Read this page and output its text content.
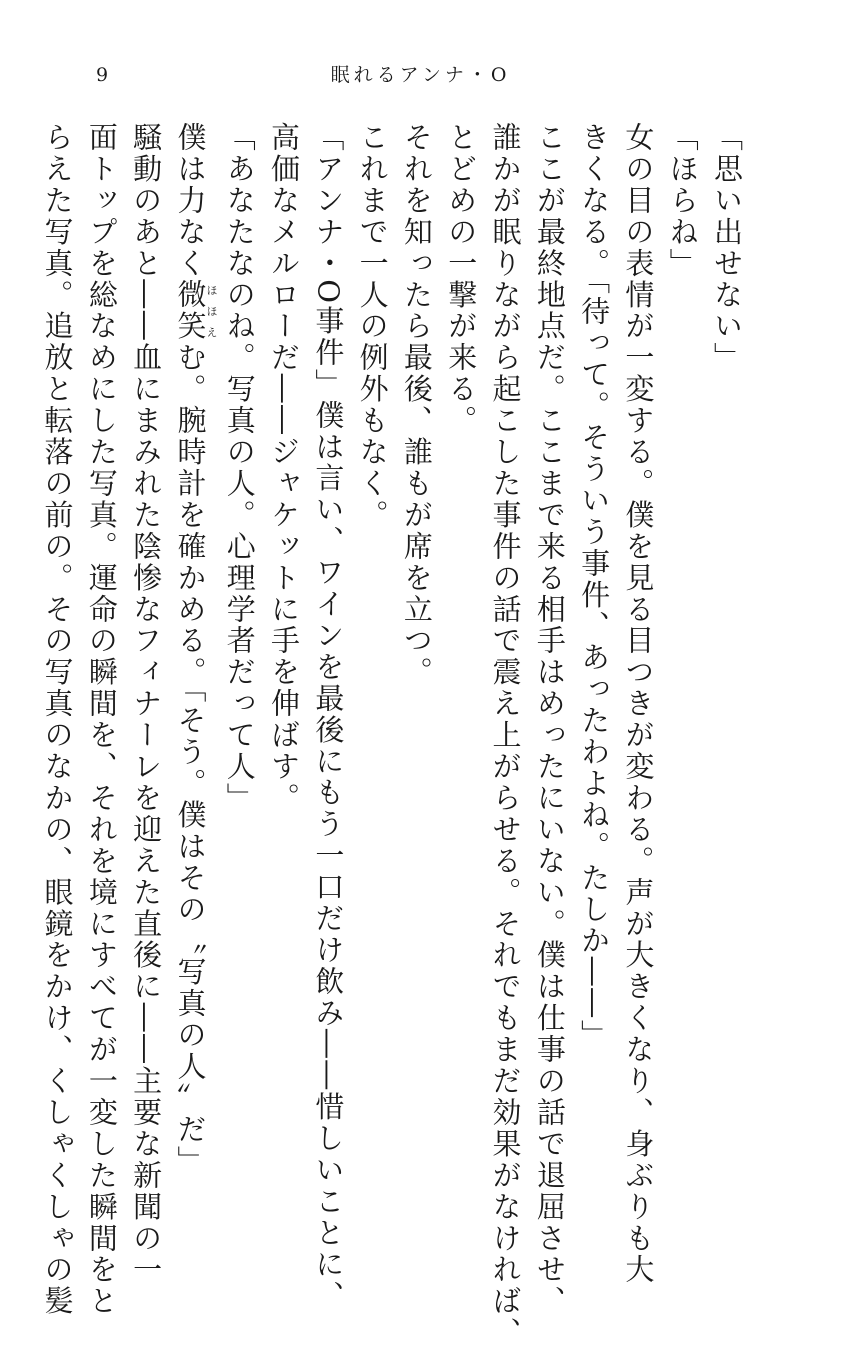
9	眠れるアンナ・O
「思い出せない」
「ほらね」
女の目の表情が一変する。僕を見る目つきが変わる。声が大きくなり、身ぶりも大
きくなる。「待って。そういう事件、あったわよね。たしか――」
ここが最終地点だ。ここまで来る相手はめったにいない。僕は仕事の話で退屈させ、
誰かが眠りながら起こした事件の話で震え上がらせる。それでもまだ効果がなければ、
とどめの一撃が来る。
それを知ったら最後、誰もが席を立つ。
これまで一人の例外もなく。
「アンナ・O事件」僕は言い、ワインを最後にもう一口だけ飲み――惜しいことに、
高価なメルローだ――ジャケットに手を伸ばす。
「あなたなのね。写真の人。心理学者だって人」
僕は力なく微笑ほほえむ。腕時計を確かめる。「そう。僕はその〝写真の人〟だ」
騒動のあと――血にまみれた陰惨なフィナーレを迎えた直後に――主要な新聞の一
面トップを総なめにした写真。運命の瞬間を、それを境にすべてが一変した瞬間をと
らえた写真。追放と転落の前の。その写真のなかの、眼鏡をかけ、くしゃくしゃの髪
